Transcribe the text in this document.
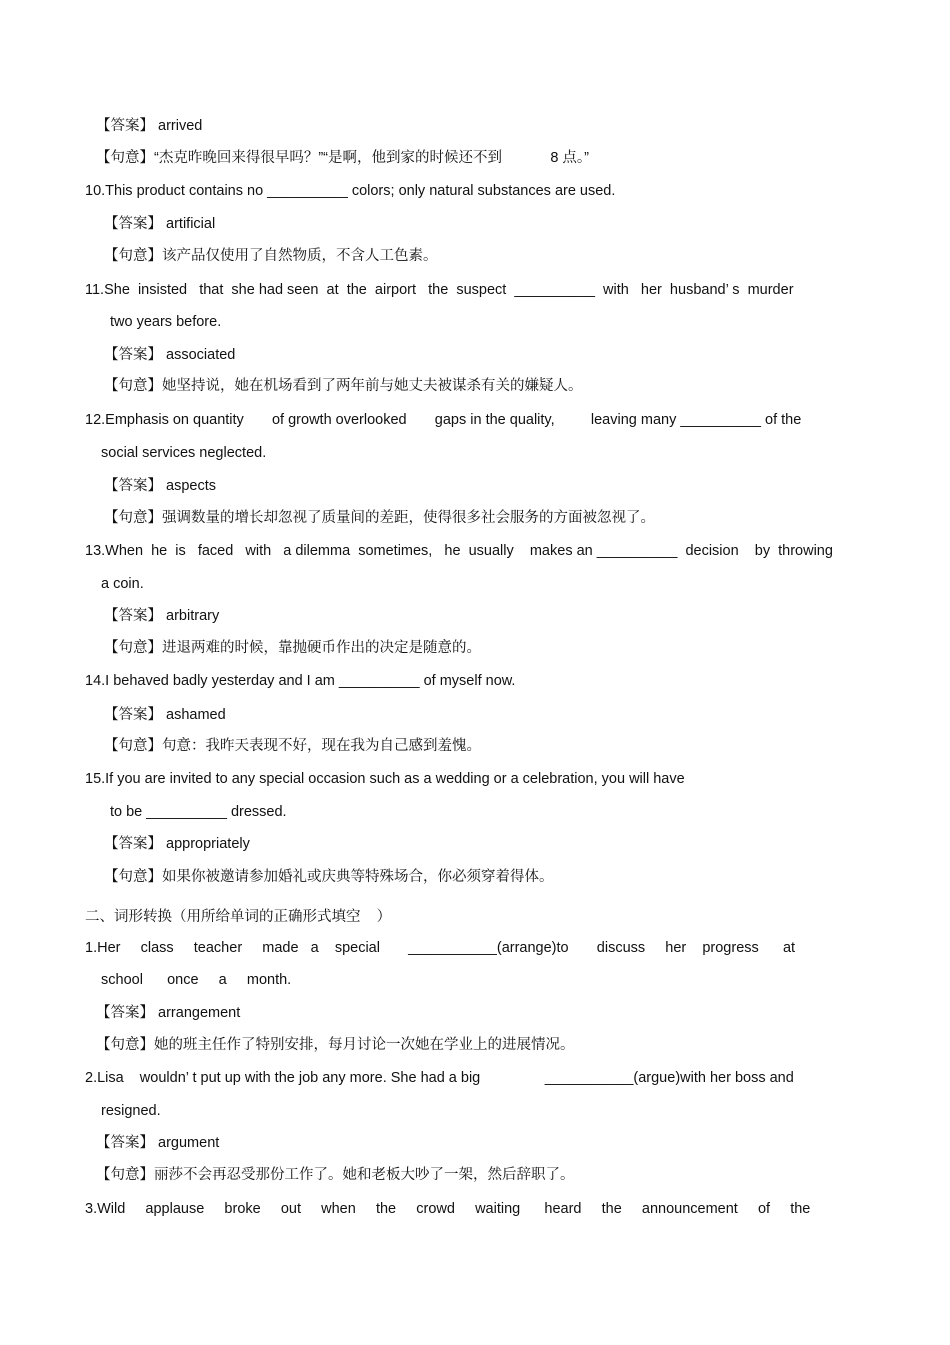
【答案】 arrived
【句意】“杰克昨晚回来得很早吗？”“是啊，他到家的时候还不到            8 点。”
10.This product contains no __________ colors; only natural substances are used.
【答案】 artificial
【句意】该产品仅使用了自然物质，不含人工色素。
11.She  insisted   that  she had seen  at  the  airport   the  suspect  __________  with   her  husband’ s  murder
two years before.
【答案】 associated
【句意】她坚持说，她在机场看到了两年前与她丈夫被谋杀有关的嫌疑人。
12.Emphasis on quantity       of growth overlooked       gaps in the quality,         leaving many __________ of the
social services neglected.
【答案】 aspects
【句意】强调数量的增长却忽视了质量间的差距，使得很多社会服务的方面被忽视了。
13.When  he  is   faced   with   a dilemma  sometimes,   he  usually    makes an __________  decision    by  throwing
a coin.
【答案】 arbitrary
【句意】进退两难的时候，靠抛硬币作出的决定是随意的。
14.I behaved badly yesterday and I am __________ of myself now.
【答案】 ashamed
【句意】句意：我昨天表现不好，现在我为自己感到羞愧。
15.If you are invited to any special occasion such as a wedding or a celebration, you will have
to be __________ dressed.
【答案】 appropriately
【句意】如果你被邀请参加婚礼或庆典等特殊场合，你必须穿着得体。
二、词形转换（用所给单词的正确形式填空    ）
1.Her     class     teacher     made   a    special       ___________(arrange)to       discuss     her    progress      at
school      once     a     month.
【答案】 arrangement
【句意】她的班主任作了特别安排，每月讨论一次她在学业上的进展情况。
2.Lisa    wouldn’ t put up with the job any more. She had a big                ___________(argue)with her boss and
resigned.
【答案】 argument
【句意】丽莎不会再忍受那份工作了。她和老板大吵了一架，然后辞职了。
3.Wild     applause     broke     out     when     the     crowd     waiting      heard     the     announcement     of     the
